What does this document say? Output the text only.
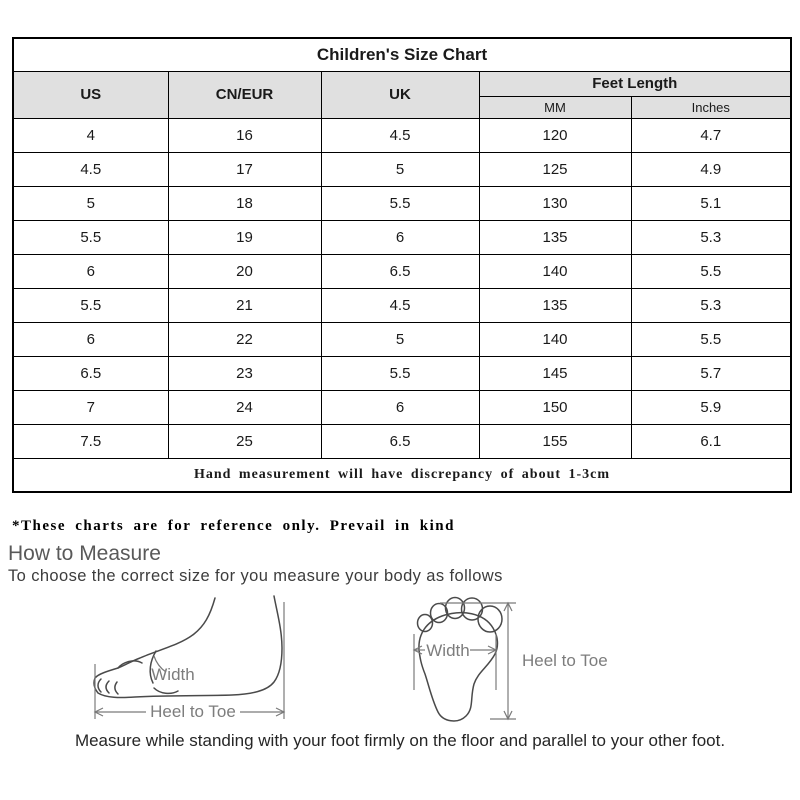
Children's Size Chart				
US	CN/EUR	UK	Feet Length	
			MM	Inches
4	16	4.5	120	4.7
4.5	17	5	125	4.9
5	18	5.5	130	5.1
5.5	19	6	135	5.3
6	20	6.5	140	5.5
5.5	21	4.5	135	5.3
6	22	5	140	5.5
6.5	23	5.5	145	5.7
7	24	6	150	5.9
7.5	25	6.5	155	6.1
Hand measurement will have discrepancy of about 1-3cm				

*These charts are for reference only. Prevail in kind

How to Measure

To choose the correct size for you measure your body as follows

Width
Heel to Toe
Width
Heel to Toe

Measure while standing with your foot firmly on the floor and parallel to your other foot.
